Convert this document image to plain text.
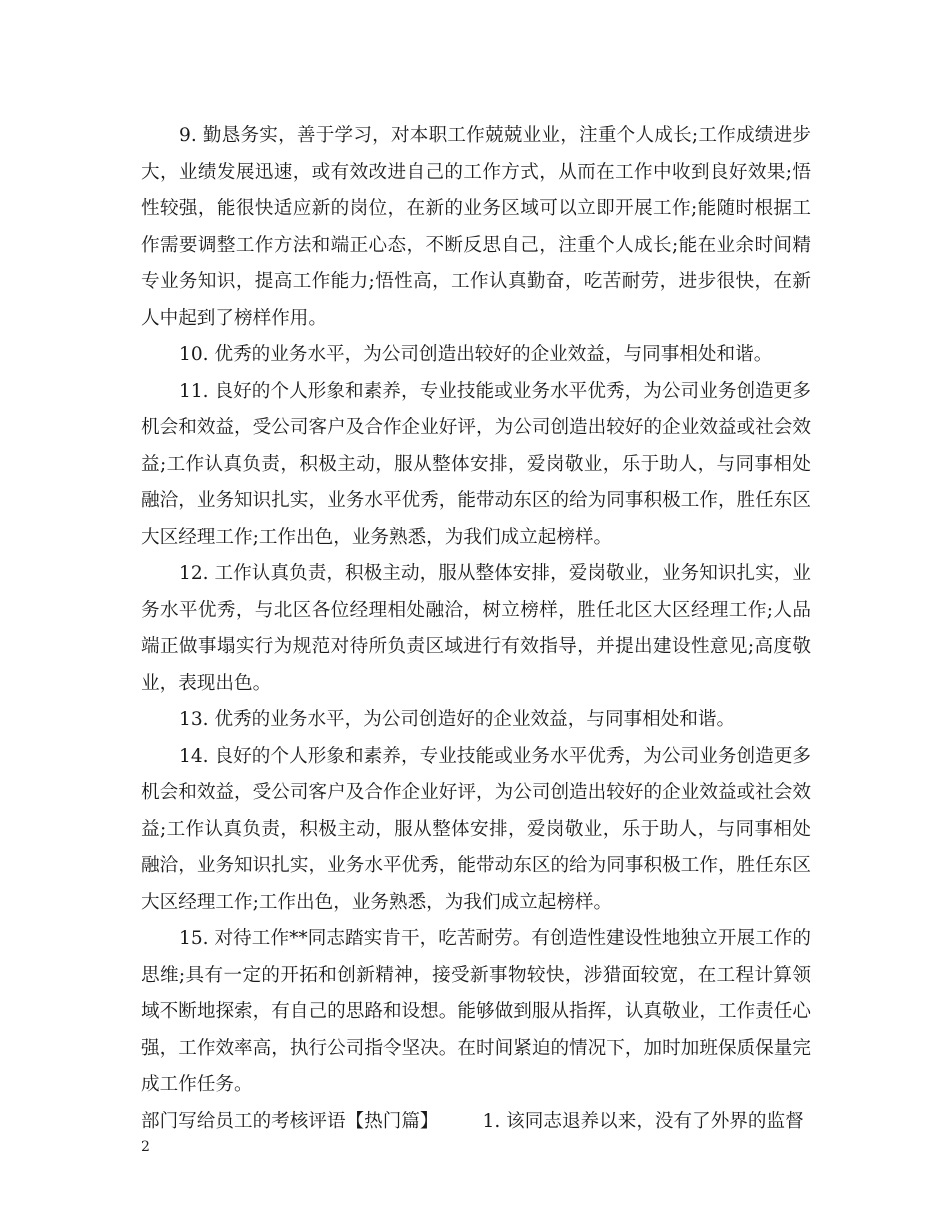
9. 勤恳务实，善于学习，对本职工作兢兢业业，注重个人成长;工作成绩进步大，业绩发展迅速，或有效改进自己的工作方式，从而在工作中收到良好效果;悟性较强，能很快适应新的岗位，在新的业务区域可以立即开展工作;能随时根据工作需要调整工作方法和端正心态，不断反思自己，注重个人成长;能在业余时间精专业务知识，提高工作能力;悟性高，工作认真勤奋，吃苦耐劳，进步很快，在新人中起到了榜样作用。

10. 优秀的业务水平，为公司创造出较好的企业效益，与同事相处和谐。

11. 良好的个人形象和素养，专业技能或业务水平优秀，为公司业务创造更多机会和效益，受公司客户及合作企业好评，为公司创造出较好的企业效益或社会效益;工作认真负责，积极主动，服从整体安排，爱岗敬业，乐于助人，与同事相处融洽，业务知识扎实，业务水平优秀，能带动东区的给为同事积极工作，胜任东区大区经理工作;工作出色，业务熟悉，为我们成立起榜样。

12. 工作认真负责，积极主动，服从整体安排，爱岗敬业，业务知识扎实，业务水平优秀，与北区各位经理相处融洽，树立榜样，胜任北区大区经理工作;人品端正做事塌实行为规范对待所负责区域进行有效指导，并提出建设性意见;高度敬业，表现出色。

13. 优秀的业务水平，为公司创造好的企业效益，与同事相处和谐。

14. 良好的个人形象和素养，专业技能或业务水平优秀，为公司业务创造更多机会和效益，受公司客户及合作企业好评，为公司创造出较好的企业效益或社会效益;工作认真负责，积极主动，服从整体安排，爱岗敬业，乐于助人，与同事相处融洽，业务知识扎实，业务水平优秀，能带动东区的给为同事积极工作，胜任东区大区经理工作;工作出色，业务熟悉，为我们成立起榜样。

15. 对待工作**同志踏实肯干，吃苦耐劳。有创造性建设性地独立开展工作的思维;具有一定的开拓和创新精神，接受新事物较快，涉猎面较宽，在工程计算领域不断地探索，有自己的思路和设想。能够做到服从指挥，认真敬业，工作责任心强，工作效率高，执行公司指令坚决。在时间紧迫的情况下，加时加班保质保量完成工作任务。

部门写给员工的考核评语【热门篇】 1. 该同志退养以来，没有了外界的监督

2
